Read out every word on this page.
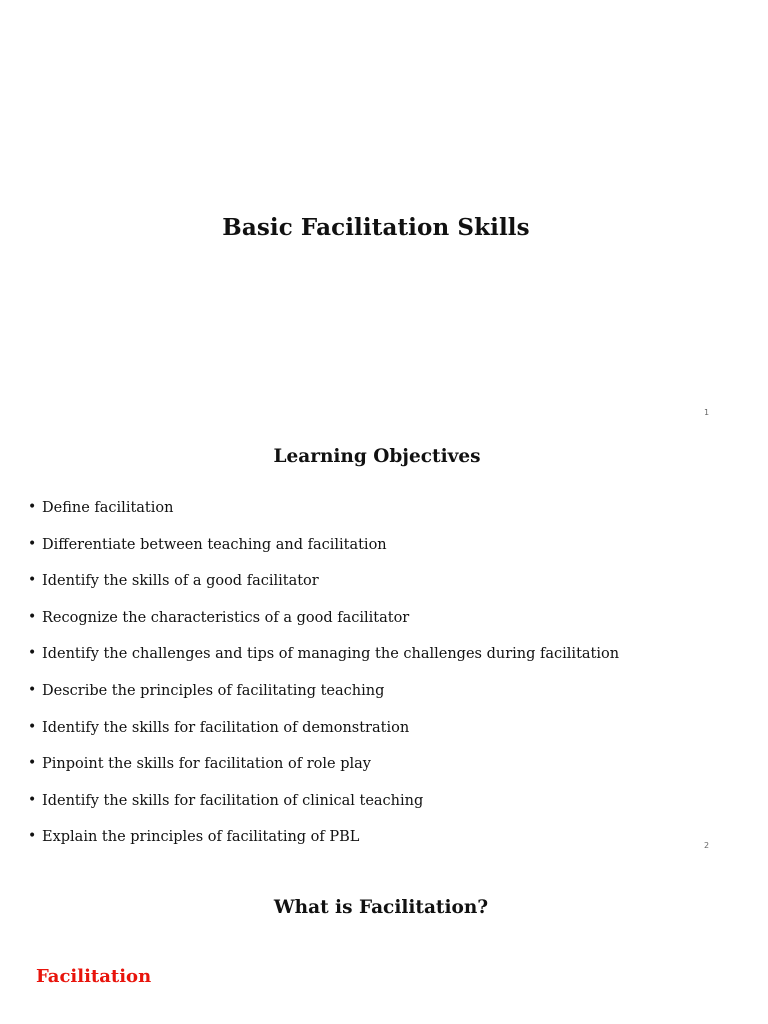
Basic Facilitation Skills
1
Learning Objectives
• Define facilitation
• Differentiate between teaching and facilitation
• Identify the skills of a good facilitator
• Recognize the characteristics of a good facilitator
• Identify the challenges and tips of managing the challenges during facilitation
• Describe the principles of facilitating teaching
• Identify the skills for facilitation of demonstration
• Pinpoint the skills for facilitation of role play
• Identify the skills for facilitation of clinical teaching
• Explain the principles of facilitating of PBL
2
What is Facilitation?
Facilitation
